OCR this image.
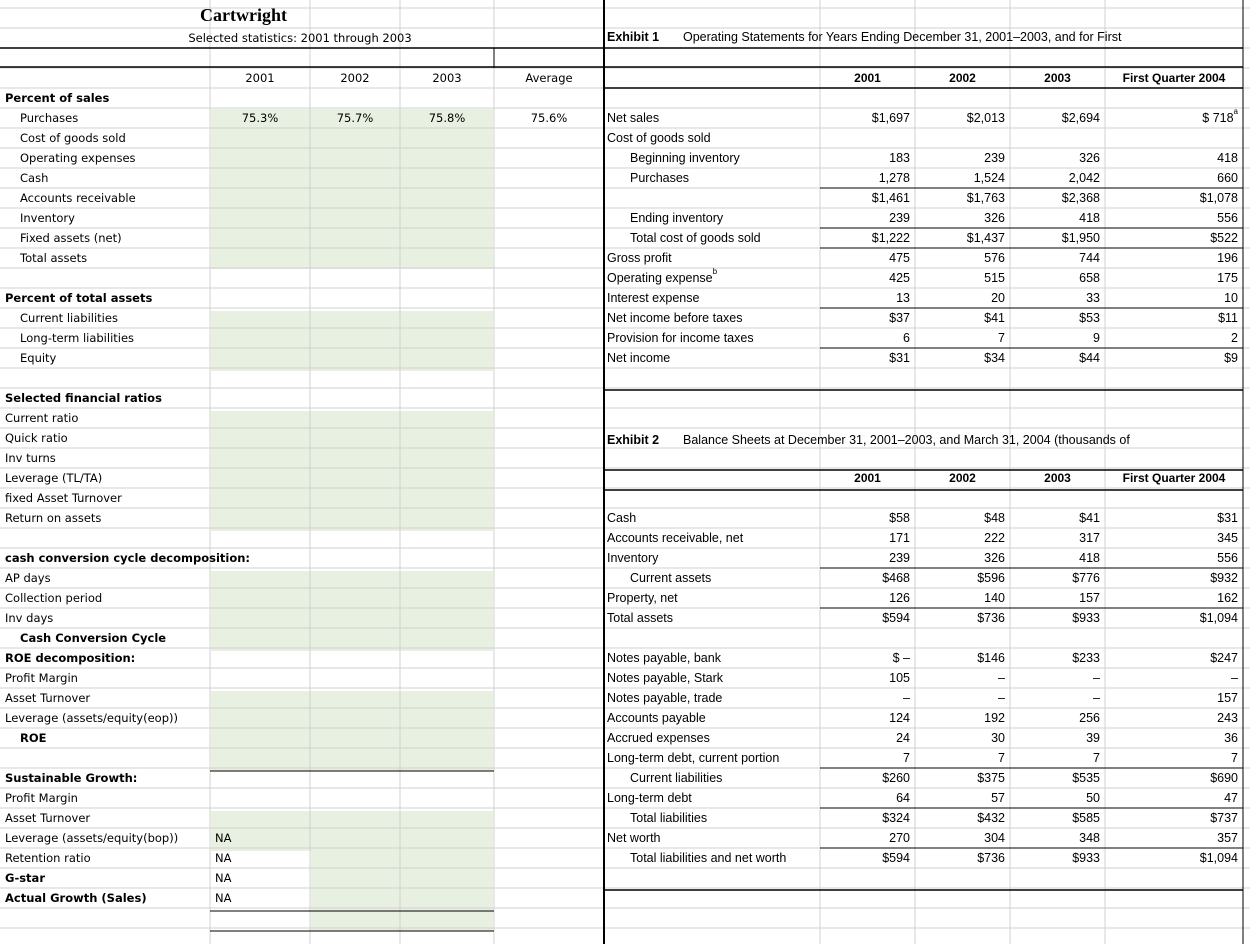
Cartwright
Selected statistics: 2001 through 2003
2001	2002	2003	Average
Percent of sales
Purchases	75.3%	75.7%	75.8%	75.6%
Cost of goods sold
Operating expenses
Cash
Accounts receivable
Inventory
Fixed assets (net)
Total assets
Percent of total assets
Current liabilities
Long-term liabilities
Equity
Selected financial ratios
Current ratio
Quick ratio
Inv turns
Leverage (TL/TA)
fixed Asset Turnover
Return on assets
cash conversion cycle decomposition:
AP days
Collection period
Inv days
Cash Conversion Cycle
ROE decomposition:
Profit Margin
Asset Turnover
Leverage (assets/equity(eop))
ROE
Sustainable Growth:
Profit Margin
Asset Turnover
Leverage (assets/equity(bop))	NA
Retention ratio	NA
G-star	NA
Actual Growth (Sales)	NA
Exhibit 1 Operating Statements for Years Ending December 31, 2001–2003, and for First
2001	2002	2003	First Quarter 2004
Net sales	$1,697	$2,013	$2,694	$ 718$^a$
Cost of goods sold
Beginning inventory	183	239	326	418
Purchases	1,278	1,524	2,042	660
$1,461	$1,763	$2,368	$1,078
Ending inventory	239	326	418	556
Total cost of goods sold	$1,222	$1,437	$1,950	$522
Gross profit	475	576	744	196
Operating expense$^b$	425	515	658	175
Interest expense	13	20	33	10
Net income before taxes	$37	$41	$53	$11
Provision for income taxes	6	7	9	2
Net income	$31	$34	$44	$9
Exhibit 2 Balance Sheets at December 31, 2001–2003, and March 31, 2004 (thousands of
2001	2002	2003	First Quarter 2004
Cash	$58	$48	$41	$31
Accounts receivable, net	171	222	317	345
Inventory	239	326	418	556
Current assets	$468	$596	$776	$932
Property, net	126	140	157	162
Total assets	$594	$736	$933	$1,094
Notes payable, bank	$ –	$146	$233	$247
Notes payable, Stark	105	–	–	–
Notes payable, trade	–	–	–	157
Accounts payable	124	192	256	243
Accrued expenses	24	30	39	36
Long-term debt, current portion	7	7	7	7
Current liabilities	$260	$375	$535	$690
Long-term debt	64	57	50	47
Total liabilities	$324	$432	$585	$737
Net worth	270	304	348	357
Total liabilities and net worth	$594	$736	$933	$1,094
